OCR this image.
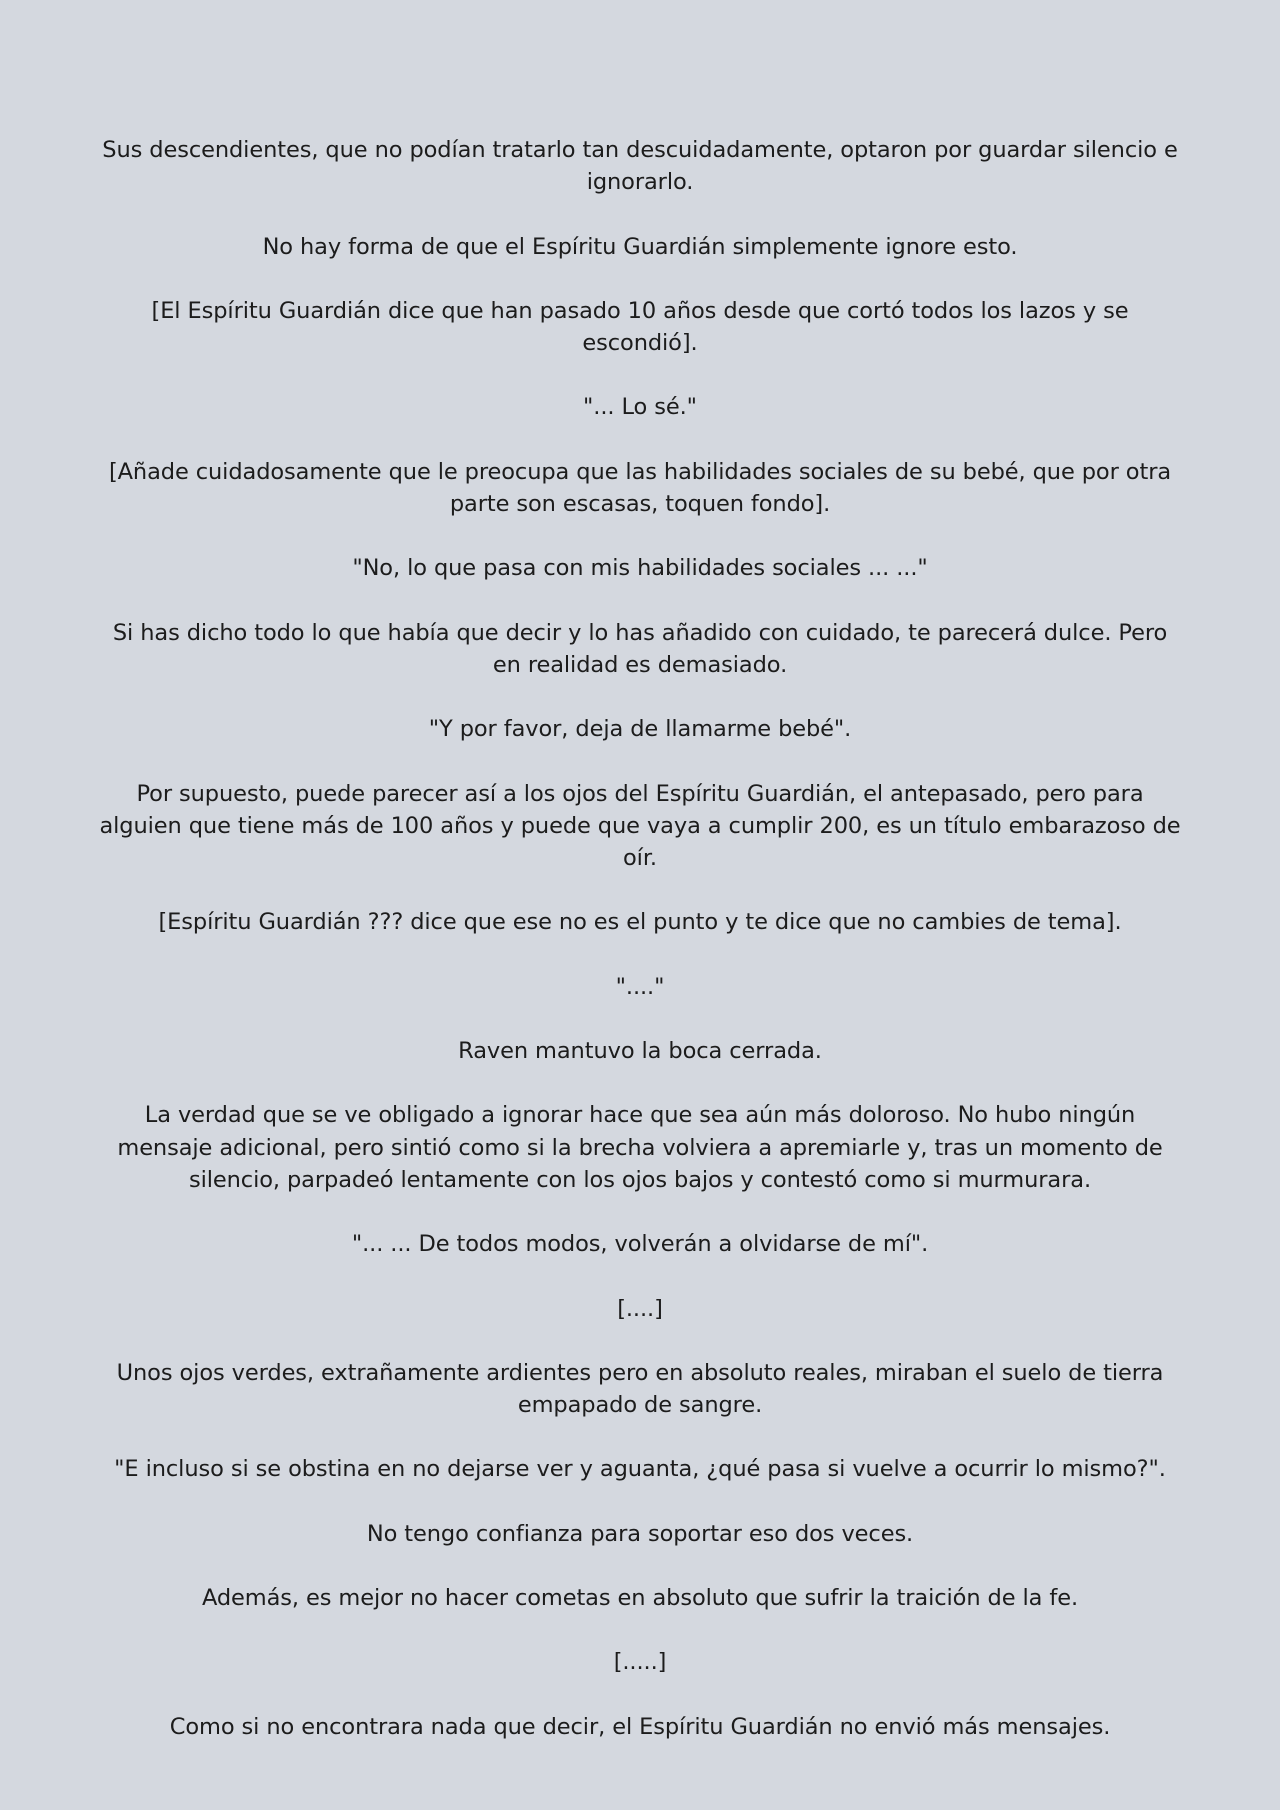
Sus descendientes, que no podían tratarlo tan descuidadamente, optaron por guardar silencio e ignorarlo.

No hay forma de que el Espíritu Guardián simplemente ignore esto.

[El Espíritu Guardián dice que han pasado 10 años desde que cortó todos los lazos y se escondió].

"... Lo sé."

[Añade cuidadosamente que le preocupa que las habilidades sociales de su bebé, que por otra parte son escasas, toquen fondo].

"No, lo que pasa con mis habilidades sociales ... ..."

Si has dicho todo lo que había que decir y lo has añadido con cuidado, te parecerá dulce. Pero en realidad es demasiado.

"Y por favor, deja de llamarme bebé".

Por supuesto, puede parecer así a los ojos del Espíritu Guardián, el antepasado, pero para alguien que tiene más de 100 años y puede que vaya a cumplir 200, es un título embarazoso de oír.

[Espíritu Guardián ??? dice que ese no es el punto y te dice que no cambies de tema].

"...."

Raven mantuvo la boca cerrada.

La verdad que se ve obligado a ignorar hace que sea aún más doloroso. No hubo ningún mensaje adicional, pero sintió como si la brecha volviera a apremiarle y, tras un momento de silencio, parpadeó lentamente con los ojos bajos y contestó como si murmurara.

"... ... De todos modos, volverán a olvidarse de mí".

[....]

Unos ojos verdes, extrañamente ardientes pero en absoluto reales, miraban el suelo de tierra empapado de sangre.

"E incluso si se obstina en no dejarse ver y aguanta, ¿qué pasa si vuelve a ocurrir lo mismo?".

No tengo confianza para soportar eso dos veces.

Además, es mejor no hacer cometas en absoluto que sufrir la traición de la fe.

[.....]

Como si no encontrara nada que decir, el Espíritu Guardián no envió más mensajes.
